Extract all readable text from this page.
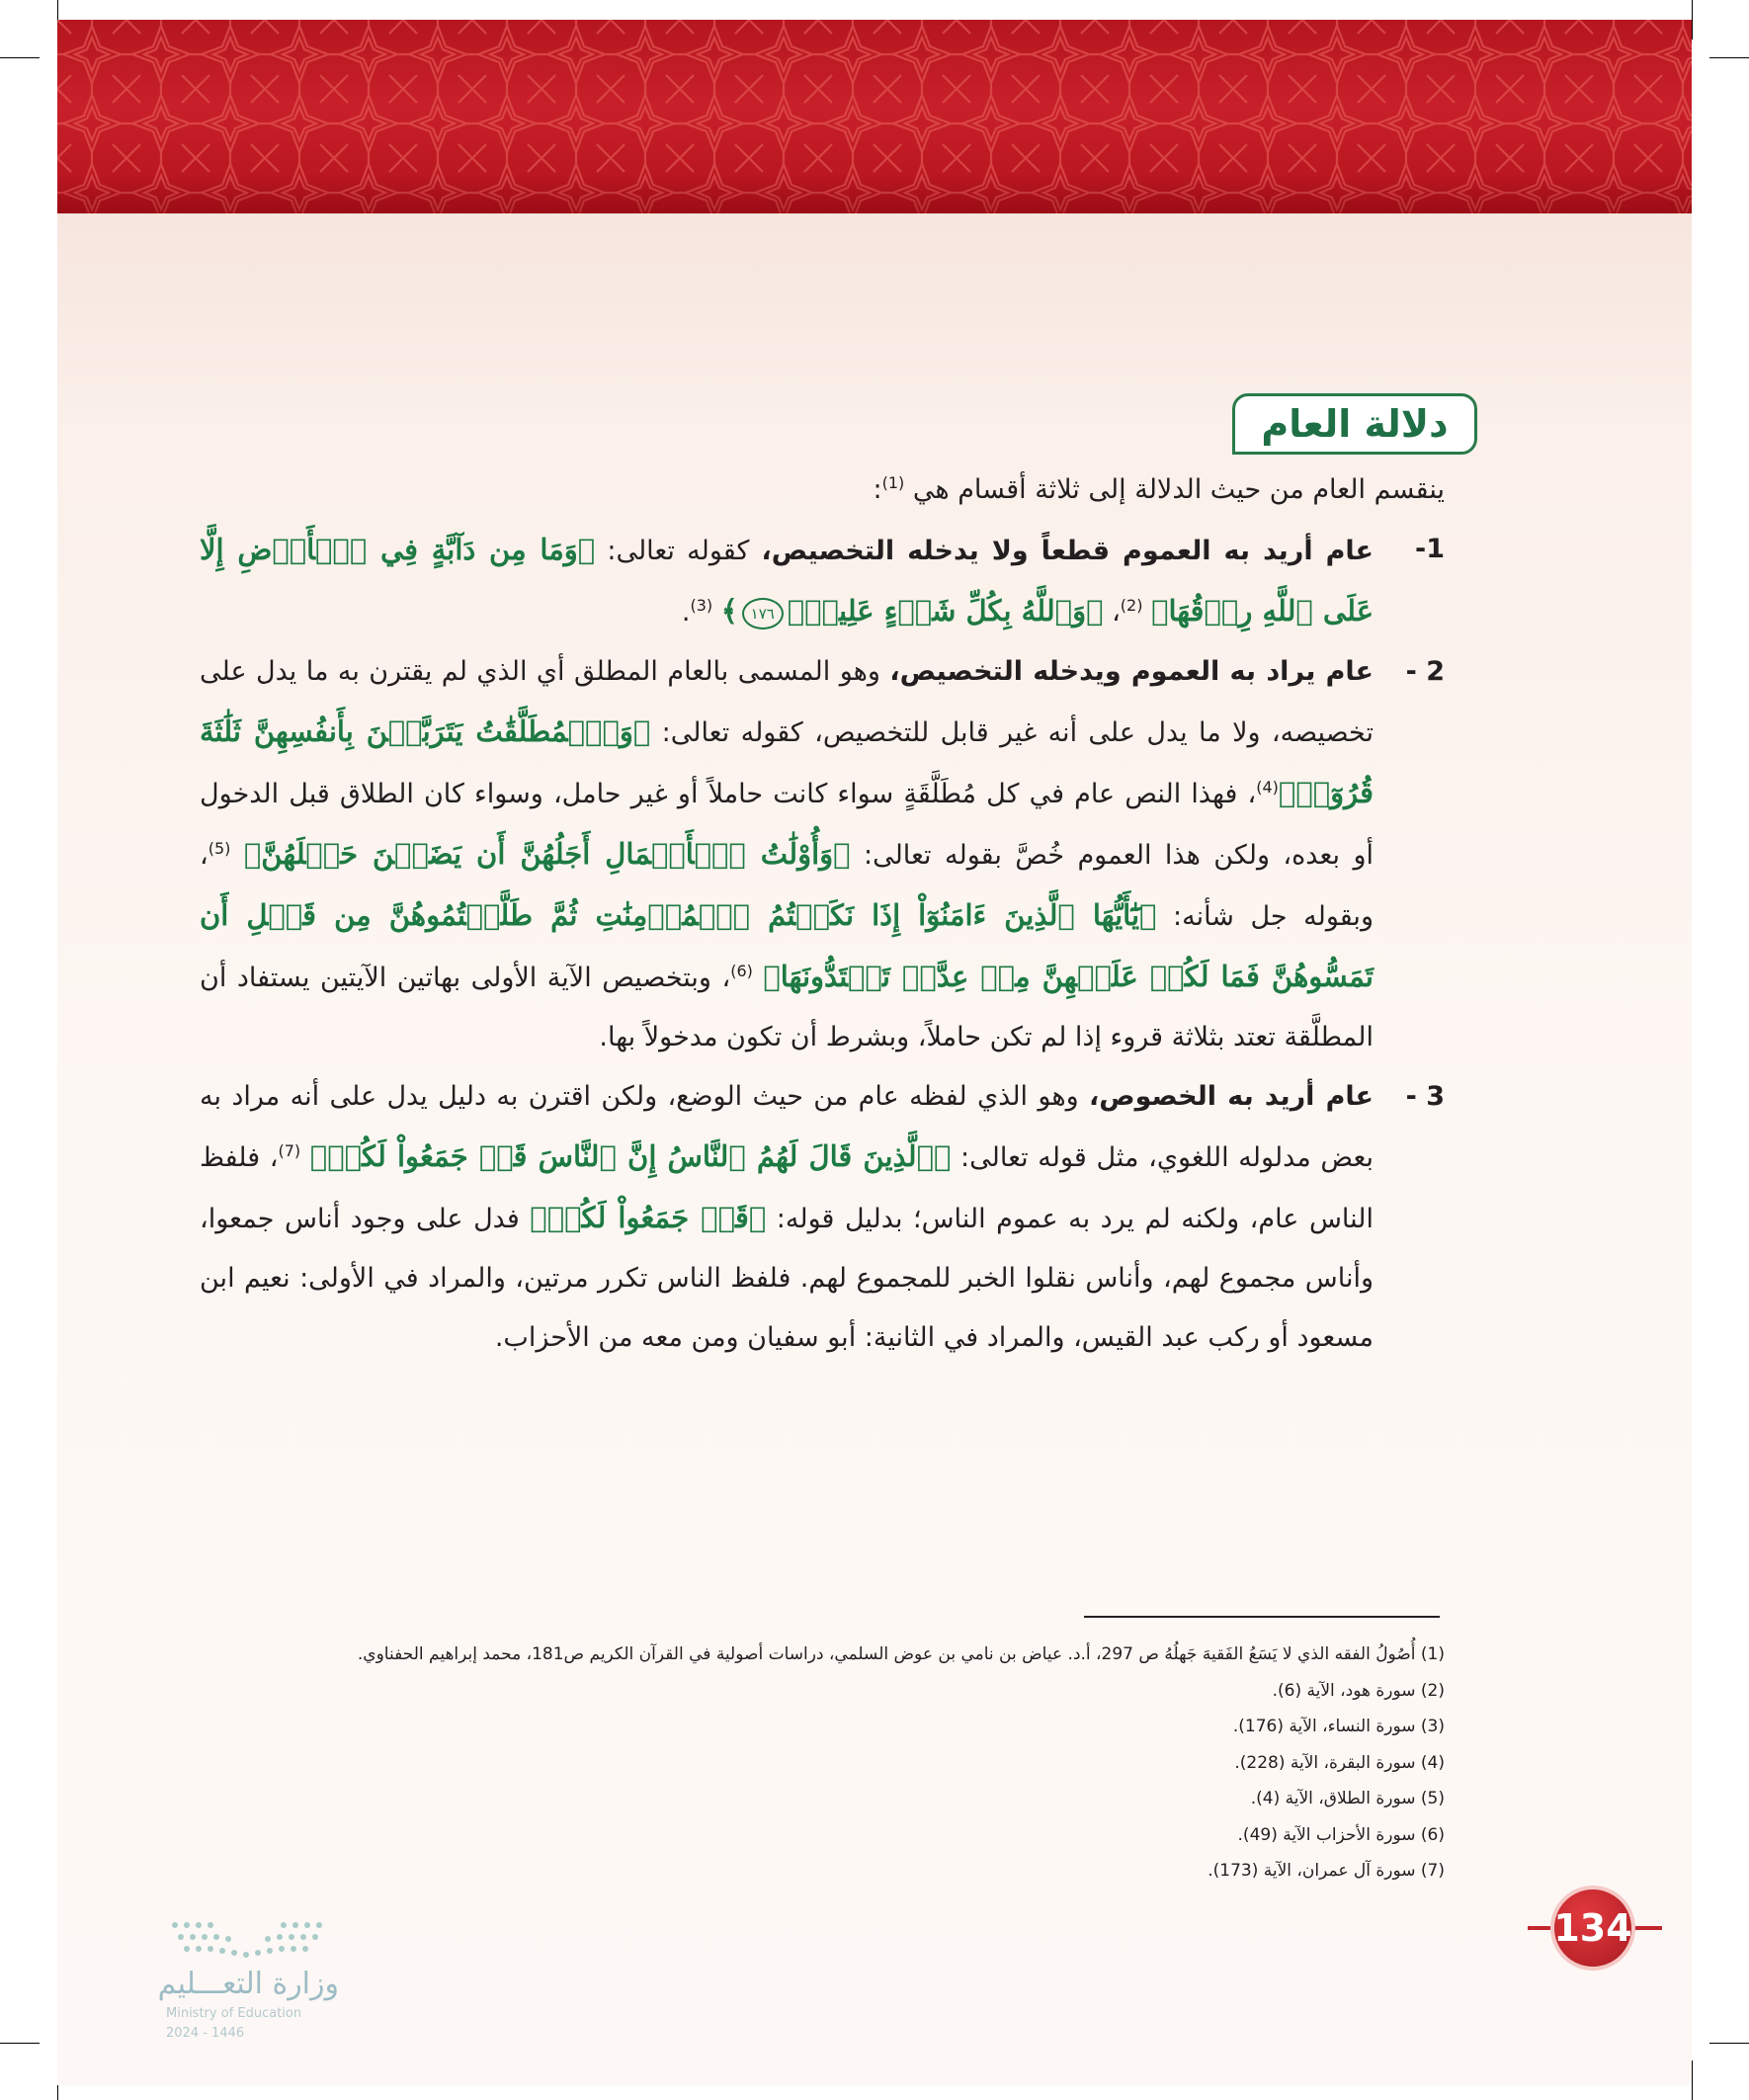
دلالة العام

ينقسم العام من حيث الدلالة إلى ثلاثة أقسام هي $^{(1)}$:

1-
عام أريد به العموم قطعاً ولا يدخله التخصيص، كقوله تعالى: ﴿وَمَا مِن دَآبَّةٍ فِي ٱلۡأَرۡضِ إِلَّا عَلَى ٱللَّهِ رِزۡقُهَا﴾ $^{(2)}$، ﴿وَٱللَّهُ بِكُلِّ شَيۡءٍ عَلِيمُۢ١٧٦﴾ $^{(3)}$.

2 -
عام يراد به العموم ويدخله التخصيص، وهو المسمى بالعام المطلق أي الذي لم يقترن به ما يدل على تخصيصه، ولا ما يدل على أنه غير قابل للتخصيص، كقوله تعالى: ﴿وَٱلۡمُطَلَّقَٰتُ يَتَرَبَّصۡنَ بِأَنفُسِهِنَّ ثَلَٰثَةَ قُرُوٓءٖ﴾$^{(4)}$، فهذا النص عام في كل مُطَلَّقَةٍ سواء كانت حاملاً أو غير حامل، وسواء كان الطلاق قبل الدخول أو بعده، ولكن هذا العموم خُصَّ بقوله تعالى: ﴿وَأُوْلَٰتُ ٱلۡأَحۡمَالِ أَجَلُهُنَّ أَن يَضَعۡنَ حَمۡلَهُنَّ﴾ $^{(5)}$، وبقوله جل شأنه: ﴿يَٰٓأَيُّهَا ٱلَّذِينَ ءَامَنُوٓاْ إِذَا نَكَحۡتُمُ ٱلۡمُؤۡمِنَٰتِ ثُمَّ طَلَّقۡتُمُوهُنَّ مِن قَبۡلِ أَن تَمَسُّوهُنَّ فَمَا لَكُمۡ عَلَيۡهِنَّ مِنۡ عِدَّةٖ تَعۡتَدُّونَهَا﴾ $^{(6)}$، وبتخصيص الآية الأولى بهاتين الآيتين يستفاد أن المطلَّقة تعتد بثلاثة قروء إذا لم تكن حاملاً، وبشرط أن تكون مدخولاً بها.

3 -
عام أريد به الخصوص، وهو الذي لفظه عام من حيث الوضع، ولكن اقترن به دليل يدل على أنه مراد به بعض مدلوله اللغوي، مثل قوله تعالى: ﴿ٱلَّذِينَ قَالَ لَهُمُ ٱلنَّاسُ إِنَّ ٱلنَّاسَ قَدۡ جَمَعُواْ لَكُمۡ﴾ $^{(7)}$، فلفظ الناس عام، ولكنه لم يرد به عموم الناس؛ بدليل قوله: ﴿قَدۡ جَمَعُواْ لَكُمۡ﴾ فدل على وجود أناس جمعوا، وأناس مجموع لهم، وأناس نقلوا الخبر للمجموع لهم. فلفظ الناس تكرر مرتين، والمراد في الأولى: نعيم ابن مسعود أو ركب عبد القيس، والمراد في الثانية: أبو سفيان ومن معه من الأحزاب.

(1) أُصُولُ الفقه الذي لا يَسَعُ الفَقيهَ جَهلُهُ ص 297، أ.د. عياض بن نامي بن عوض السلمي، دراسات أصولية في القرآن الكريم ص181، محمد إبراهيم الحفناوي.
(2) سورة هود، الآية (6).
(3) سورة النساء، الآية (176).
(4) سورة البقرة، الآية (228).
(5) سورة الطلاق، الآية (4).
(6) سورة الأحزاب الآية (49).
(7) سورة آل عمران، الآية (173).
134
وزارة التعـــليم
Ministry of Education
2024 - 1446
